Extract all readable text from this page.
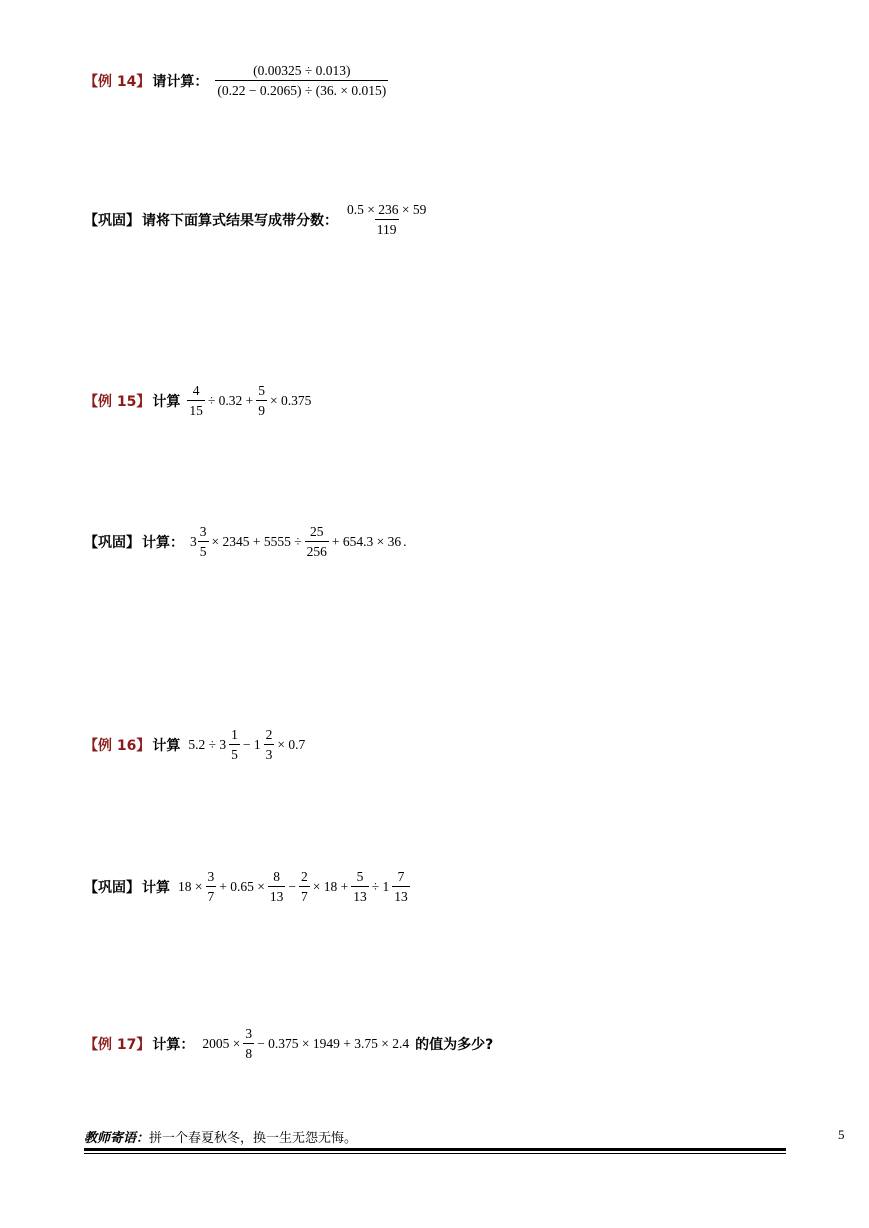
【例 14】 请计算： $\frac{(0.00325 \div 0.013)}{(0.22 - 0.2065) \div (36. \times 0.015)}$
【巩固】 请将下面算式结果写成带分数： $\frac{0.5 \times 236 \times 59}{119}$
【例 15】 计算 $\frac{4}{15} \div 0.32 + \frac{5}{9} \times 0.375$
【巩固】 计算： $3 \frac{3}{5} \times 2345 + 5555 \div \frac{25}{256} + 654.3 \times 36$ .
【例 16】 计算 $5.2 \div 3 \frac{1}{5} - 1 \frac{2}{3} \times 0.7$
【巩固】 计算 $18 \times \frac{3}{7} + 0.65 \times \frac{8}{13} - \frac{2}{7} \times 18 + \frac{5}{13} \div 1 \frac{7}{13}$
【例 17】 计算： $2005 \times \frac{3}{8} - 0.375 \times 1949 + 3.75 \times 2.4$ 的值为多少?
教师寄语：拼一个春夏秋冬，换一生无怨无悔。	5
